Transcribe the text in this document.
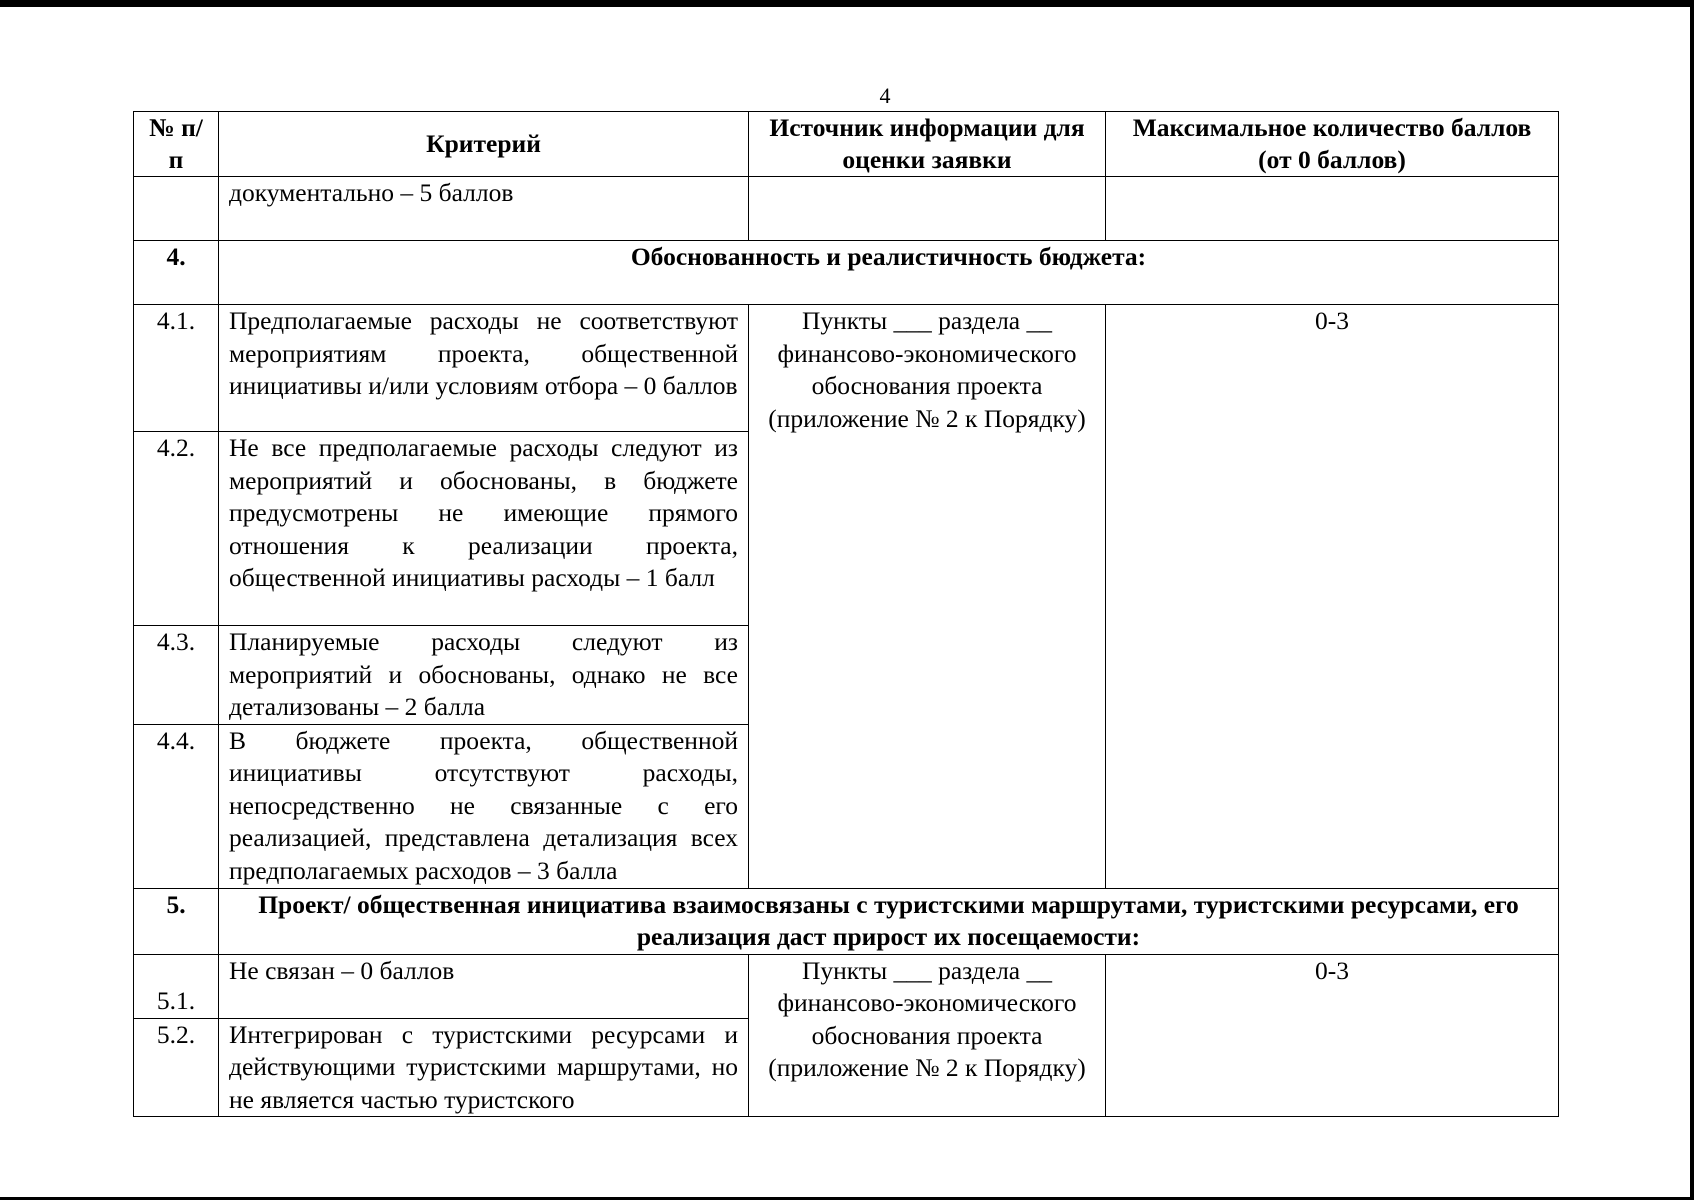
4
№ п/п	Критерий	Источник информации для оценки заявки	Максимальное количество баллов (от 0 баллов)
	документально – 5 баллов		
4.	Обоснованность и реалистичность бюджета:		
4.1.	Предполагаемые расходы не соответствуют мероприятиям проекта, общественной инициативы и/или условиям отбора – 0 баллов	Пункты ___ раздела __ финансово-экономического обоснования проекта (приложение № 2 к Порядку)	0-3
4.2.	Не все предполагаемые расходы следуют из мероприятий и обоснованы, в бюджете предусмотрены не имеющие прямого отношения к реализации проекта, общественной инициативы расходы – 1 балл		
4.3.	Планируемые расходы следуют из мероприятий и обоснованы, однако не все детализованы – 2 балла		
4.4.	В бюджете проекта, общественной инициативы отсутствуют расходы, непосредственно не связанные с его реализацией, представлена детализация всех предполагаемых расходов – 3 балла		
5.	Проект/ общественная инициатива взаимосвязаны с туристскими маршрутами, туристскими ресурсами, его реализация даст прирост их посещаемости:		
5.1.	Не связан – 0 баллов	Пункты ___ раздела __ финансово-экономического обоснования проекта (приложение № 2 к Порядку)	0-3
5.2.	Интегрирован с туристскими ресурсами и действующими туристскими маршрутами, но не является частью туристского		
